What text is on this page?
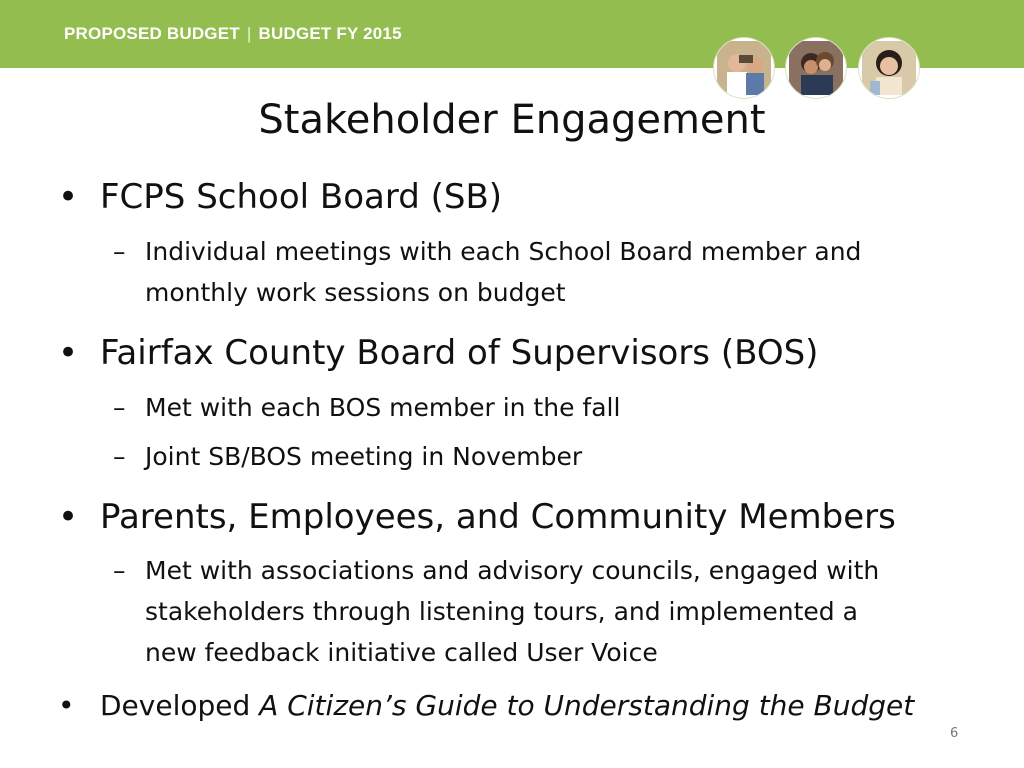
PROPOSED BUDGET | BUDGET FY 2015
Stakeholder Engagement
• FCPS School Board (SB)
– Individual meetings with each School Board member and
monthly work sessions on budget
• Fairfax County Board of Supervisors (BOS)
– Met with each BOS member in the fall
– Joint SB/BOS meeting in November
• Parents, Employees, and Community Members
– Met with associations and advisory councils, engaged with
stakeholders through listening tours, and implemented a
new feedback initiative called User Voice
• Developed A Citizen’s Guide to Understanding the Budget
6
